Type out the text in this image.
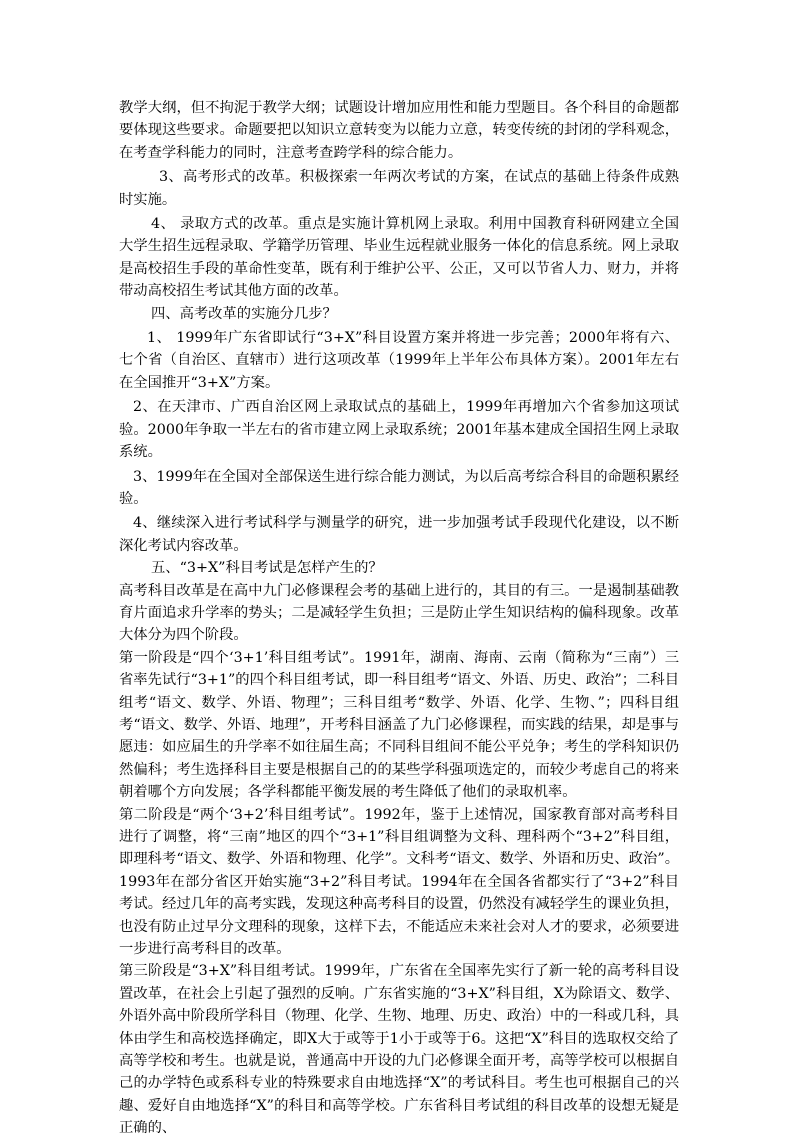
教学大纲，但不拘泥于教学大纲；试题设计增加应用性和能力型题目。各个科目的命题都要体现这些要求。命题要把以知识立意转变为以能力立意，转变传统的封闭的学科观念，在考查学科能力的同时，注意考查跨学科的综合能力。

3、高考形式的改革。积极探索一年两次考试的方案，在试点的基础上待条件成熟时实施。

4、 录取方式的改革。重点是实施计算机网上录取。利用中国教育科研网建立全国大学生招生远程录取、学籍学历管理、毕业生远程就业服务一体化的信息系统。网上录取是高校招生手段的革命性变革，既有利于维护公平、公正，又可以节省人力、财力，并将带动高校招生考试其他方面的改革。

四、高考改革的实施分几步？

1、 1999年广东省即试行“3+X”科目设置方案并将进一步完善；2000年将有六、七个省（自治区、直辖市）进行这项改革（1999年上半年公布具体方案）。2001年左右在全国推开“3+X”方案。

2、在天津市、广西自治区网上录取试点的基础上，1999年再增加六个省参加这项试验。2000年争取一半左右的省市建立网上录取系统；2001年基本建成全国招生网上录取系统。

3、1999年在全国对全部保送生进行综合能力测试，为以后高考综合科目的命题积累经验。

4、继续深入进行考试科学与测量学的研究，进一步加强考试手段现代化建设，以不断深化考试内容改革。

五、“3+X”科目考试是怎样产生的？

高考科目改革是在高中九门必修课程会考的基础上进行的，其目的有三。一是遏制基础教育片面追求升学率的势头；二是减轻学生负担；三是防止学生知识结构的偏科现象。改革大体分为四个阶段。

第一阶段是“四个‘3+1’科目组考试”。1991年，湖南、海南、云南（简称为“三南”）三省率先试行“3+1”的四个科目组考试，即一科目组考“语文、外语、历史、政治”；二科目组考“语文、数学、外语、物理”；三科目组考“数学、外语、化学、生物、”；四科目组考“语文、数学、外语、地理”，开考科目涵盖了九门必修课程，而实践的结果，却是事与愿违：如应届生的升学率不如往届生高；不同科目组间不能公平兑争；考生的学科知识仍然偏科；考生选择科目主要是根据自己的的某些学科强项选定的，而较少考虑自己的将来朝着哪个方向发展；各学科都能平衡发展的考生降低了他们的录取机率。

第二阶段是“两个‘3+2’科目组考试”。1992年，鉴于上述情况，国家教育部对高考科目进行了调整，将“三南”地区的四个“3+1”科目组调整为文科、理科两个“3+2”科目组，即理科考“语文、数学、外语和物理、化学”。文科考“语文、数学、外语和历史、政治”。1993年在部分省区开始实施“3+2”科目考试。1994年在全国各省都实行了“3+2”科目考试。经过几年的高考实践，发现这种高考科目的设置，仍然没有减轻学生的课业负担，也没有防止过早分文理科的现象，这样下去，不能适应未来社会对人才的要求，必须要进一步进行高考科目的改革。

第三阶段是“3+X”科目组考试。1999年，广东省在全国率先实行了新一轮的高考科目设置改革，在社会上引起了强烈的反响。广东省实施的“3+X”科目组，X为除语文、数学、外语外高中阶段所学科目（物理、化学、生物、地理、历史、政治）中的一科或几科，具体由学生和高校选择确定，即X大于或等于1小于或等于6。这把“X”科目的选取权交给了高等学校和考生。也就是说，普通高中开设的九门必修课全面开考，高等学校可以根据自己的办学特色或系科专业的特殊要求自由地选择“X”的考试科目。考生也可根据自己的兴趣、爱好自由地选择“X”的科目和高等学校。广东省科目考试组的科目改革的设想无疑是正确的、
